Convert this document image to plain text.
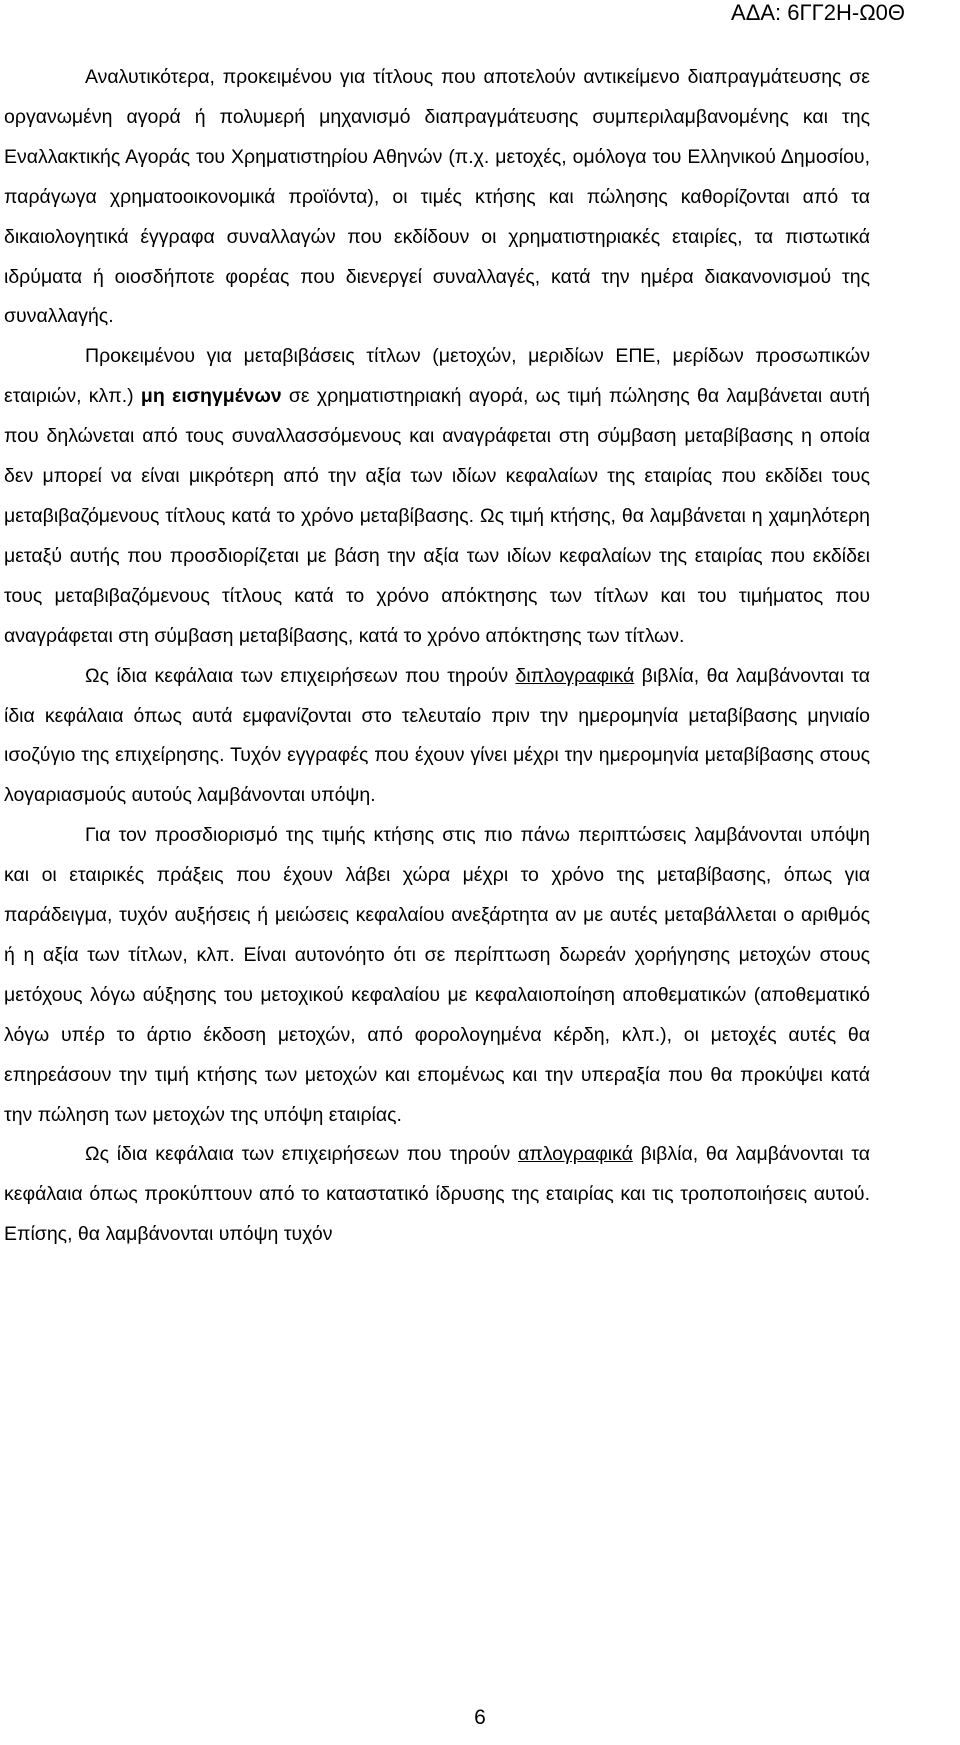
ΑΔΑ: 6ΓΓ2Η-Ω0Θ

Αναλυτικότερα, προκειμένου για τίτλους που αποτελούν αντικείμενο διαπραγμάτευσης σε οργανωμένη αγορά ή πολυμερή μηχανισμό διαπραγμάτευσης συμπεριλαμβανομένης και της Εναλλακτικής Αγοράς του Χρηματιστηρίου Αθηνών (π.χ. μετοχές, ομόλογα του Ελληνικού Δημοσίου, παράγωγα χρηματοοικονομικά προϊόντα), οι τιμές κτήσης και πώλησης καθορίζονται από τα δικαιολογητικά έγγραφα συναλλαγών που εκδίδουν οι χρηματιστηριακές εταιρίες, τα πιστωτικά ιδρύματα ή οιοσδήποτε φορέας που διενεργεί συναλλαγές, κατά την ημέρα διακανονισμού της συναλλαγής.

Προκειμένου για μεταβιβάσεις τίτλων (μετοχών, μεριδίων ΕΠΕ, μερίδων προσωπικών εταιριών, κλπ.) μη εισηγμένων σε χρηματιστηριακή αγορά, ως τιμή πώλησης θα λαμβάνεται αυτή που δηλώνεται από τους συναλλασσόμενους και αναγράφεται στη σύμβαση μεταβίβασης η οποία δεν μπορεί να είναι μικρότερη από την αξία των ιδίων κεφαλαίων της εταιρίας που εκδίδει τους μεταβιβαζόμενους τίτλους κατά το χρόνο μεταβίβασης. Ως τιμή κτήσης, θα λαμβάνεται η χαμηλότερη μεταξύ αυτής που προσδιορίζεται με βάση την αξία των ιδίων κεφαλαίων της εταιρίας που εκδίδει τους μεταβιβαζόμενους τίτλους κατά το χρόνο απόκτησης των τίτλων και του τιμήματος που αναγράφεται στη σύμβαση μεταβίβασης, κατά το χρόνο απόκτησης των τίτλων.

Ως ίδια κεφάλαια των επιχειρήσεων που τηρούν διπλογραφικά βιβλία, θα λαμβάνονται τα ίδια κεφάλαια όπως αυτά εμφανίζονται στο τελευταίο πριν την ημερομηνία μεταβίβασης μηνιαίο ισοζύγιο της επιχείρησης. Τυχόν εγγραφές που έχουν γίνει μέχρι την ημερομηνία μεταβίβασης στους λογαριασμούς αυτούς λαμβάνονται υπόψη.

Για τον προσδιορισμό της τιμής κτήσης στις πιο πάνω περιπτώσεις λαμβάνονται υπόψη και οι εταιρικές πράξεις που έχουν λάβει χώρα μέχρι το χρόνο της μεταβίβασης, όπως για παράδειγμα, τυχόν αυξήσεις ή μειώσεις κεφαλαίου ανεξάρτητα αν με αυτές μεταβάλλεται ο αριθμός ή η αξία των τίτλων, κλπ. Είναι αυτονόητο ότι σε περίπτωση δωρεάν χορήγησης μετοχών στους μετόχους λόγω αύξησης του μετοχικού κεφαλαίου με κεφαλαιοποίηση αποθεματικών (αποθεματικό λόγω υπέρ το άρτιο έκδοση μετοχών, από φορολογημένα κέρδη, κλπ.), οι μετοχές αυτές θα επηρεάσουν την τιμή κτήσης των μετοχών και επομένως και την υπεραξία που θα προκύψει κατά την πώληση των μετοχών της υπόψη εταιρίας.

Ως ίδια κεφάλαια των επιχειρήσεων που τηρούν απλογραφικά βιβλία, θα λαμβάνονται τα κεφάλαια όπως προκύπτουν από το καταστατικό ίδρυσης της εταιρίας και τις τροποποιήσεις αυτού. Επίσης, θα λαμβάνονται υπόψη τυχόν

6
